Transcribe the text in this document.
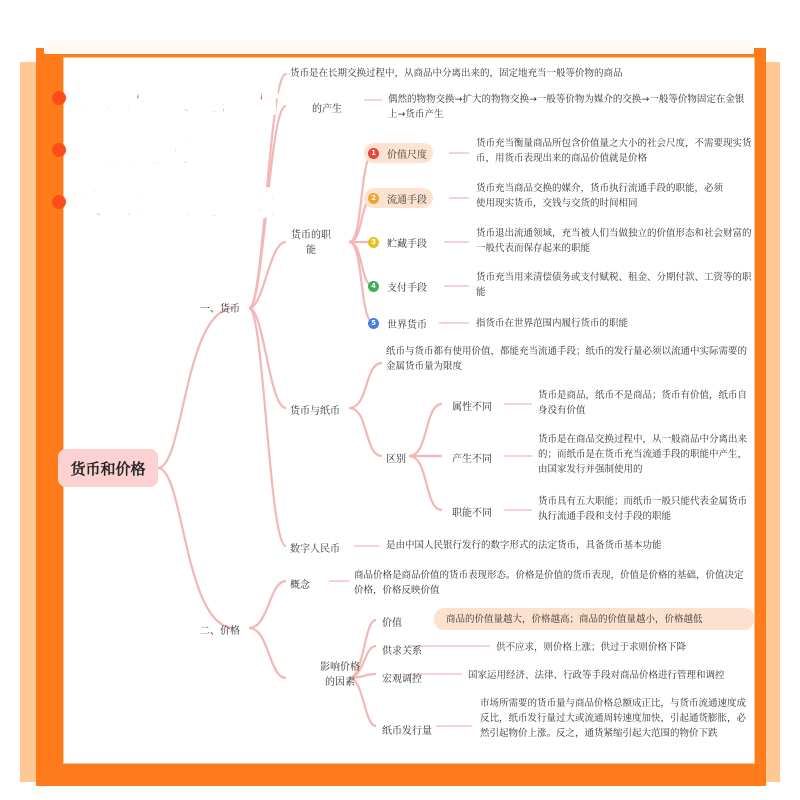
货币和价格
一、货币
货币是在长期交换过程中，从商品中分离出来的，固定地充当一般等价物的商品
的产生
偶然的物物交换→扩大的物物交换→一般等价物为媒介的交换→一般等价物固定在金银上→货币产生
货币的职能
1	价值尺度
货币充当衡量商品所包含价值量之大小的社会尺度，不需要现实货币，用货币表现出来的商品价值就是价格
2	流通手段
货币充当商品交换的媒介，货币执行流通手段的职能，必须使用现实货币，交钱与交货的时间相同
3	贮藏手段
货币退出流通领域，充当被人们当做独立的价值形态和社会财富的一般代表而保存起来的职能
4	支付手段
货币充当用来清偿债务或支付赋税、租金、分期付款、工资等的职能
5	世界货币	指货币在世界范围内履行货币的职能
货币与纸币
纸币与货币都有使用价值，都能充当流通手段；纸币的发行量必须以流通中实际需要的金属货币量为限度
区别
属性不同
货币是商品，纸币不是商品；货币有价值，纸币自身没有价值
产生不同
货币是在商品交换过程中，从一般商品中分离出来的；而纸币是在货币充当流通手段的职能中产生，由国家发行并强制使用的
职能不同
货币具有五大职能；而纸币一般只能代表金属货币执行流通手段和支付手段的职能
数字人民币	是由中国人民银行发行的数字形式的法定货币，具备货币基本功能
二、价格
概念
商品价格是商品价值的货币表现形态。价格是价值的货币表现，价值是价格的基础，价值决定价格，价格反映价值
影响价格的因素
价值	商品的价值量越大，价格越高；商品的价值量越小，价格越低
供求关系	供不应求，则价格上涨；供过于求则价格下降
宏观调控	国家运用经济、法律、行政等手段对商品价格进行管理和调控
纸币发行量
市场所需要的货币量与商品价格总额成正比，与货币流通速度成反比，纸币发行量过大或流通周转速度加快，引起通货膨胀，必然引起物价上涨。反之，通货紧缩引起大范围的物价下跌
知识框架更清晰
重点更突出
关联记忆更高效
